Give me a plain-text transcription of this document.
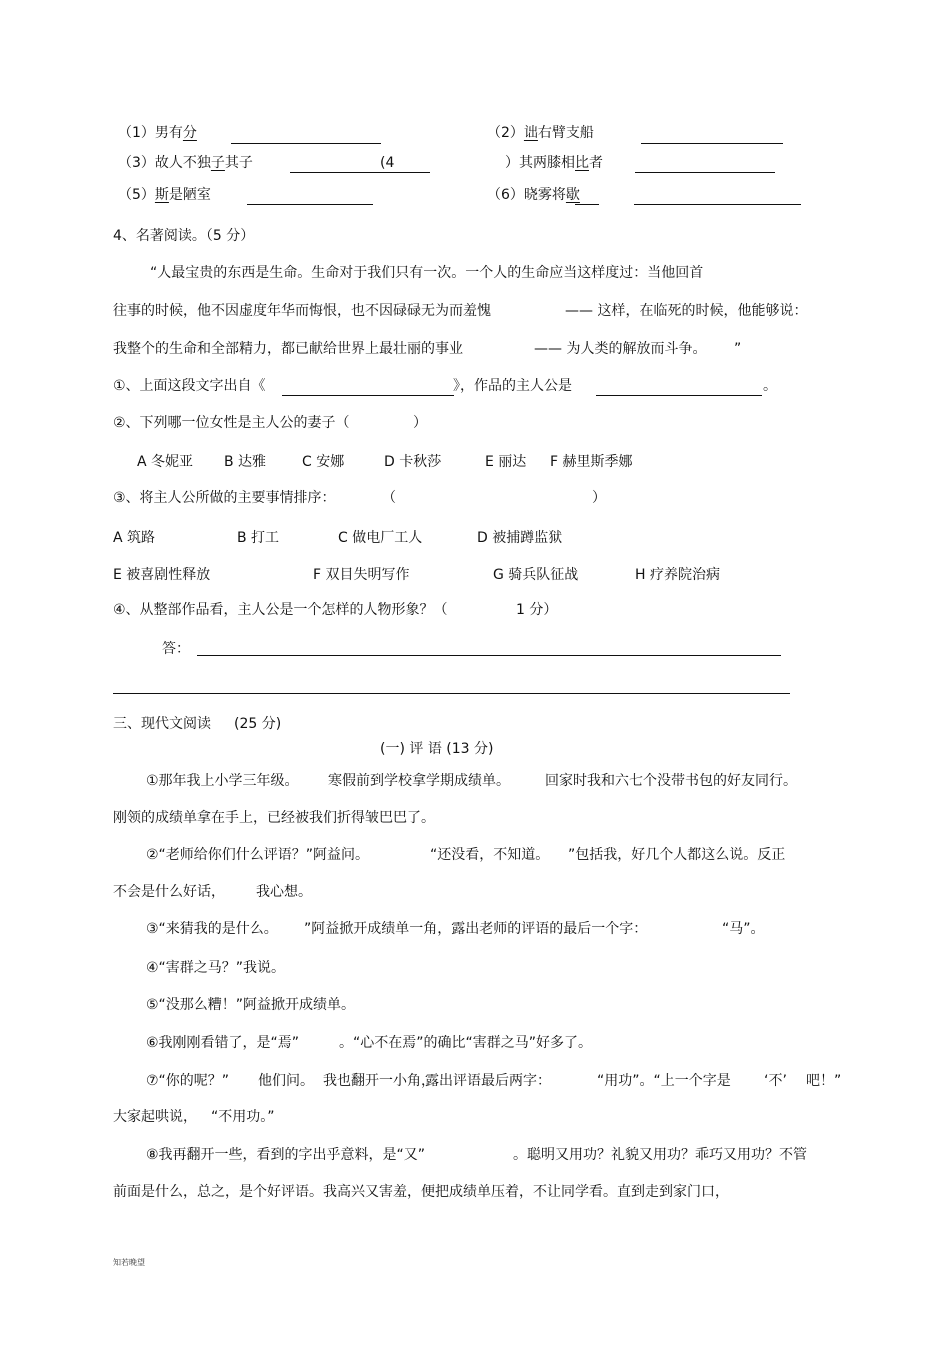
（1）男有分	（2）诎右臂支船
（3）故人不独子其子	(4	）其两膝相比者
（5）斯是陋室	（6）晓雾将歇
4、名著阅读。（5 分）
“人最宝贵的东西是生命。生命对于我们只有一次。一个人的生命应当这样度过：当他回首
往事的时候，他不因虚度年华而悔恨，也不因碌碌无为而羞愧	—— 这样，在临死的时候，他能够说：
我整个的生命和全部精力，都已献给世界上最壮丽的事业	—— 为人类的解放而斗争。 ”
①、上面这段文字出自《	》，作品的主人公是	。
②、下列哪一位女性是主人公的妻子（	）
A 冬妮亚 B 达雅	C 安娜	D 卡秋莎	E 丽达 F 赫里斯季娜
③、将主人公所做的主要事情排序：	（	）
A 筑路	B 打工	C 做电厂工人	D 被捕蹲监狱
E 被喜剧性释放	F 双目失明写作	G 骑兵队征战	H 疗养院治病
④、从整部作品看，主人公是一个怎样的人物形象？（	1 分）
答：
三、现代文阅读 (25 分)
(一) 评 语 (13 分)
①那年我上小学三年级。 寒假前到学校拿学期成绩单。	回家时我和六七个没带书包的好友同行。
刚领的成绩单拿在手上，已经被我们折得皱巴巴了。
②“老师给你们什么评语？”阿益问。	“还没看，不知道。 ”包括我，好几个人都这么说。反正
不会是什么好话， 我心想。
③“来猜我的是什么。 ”阿益掀开成绩单一角，露出老师的评语的最后一个字：	“马”。
④“害群之马？”我说。
⑤“没那么糟！”阿益掀开成绩单。
⑥我刚刚看错了，是“焉”	。“心不在焉”的确比“害群之马”好多了。
⑦“你的呢？” 他们问。 我也翻开一小角，
露出评语最后两字：	“用功”。“上一个字是 ‘不’ 吧！”
大家起哄说， “不用功。”
⑧我再翻开一些，看到的字出乎意料，是“又”	。聪明又用功？礼貌又用功？乖巧又用功？不管
前面是什么，总之，是个好评语。我高兴又害羞，便把成绩单压着，不让同学看。直到走到家门口，
知若晚望
